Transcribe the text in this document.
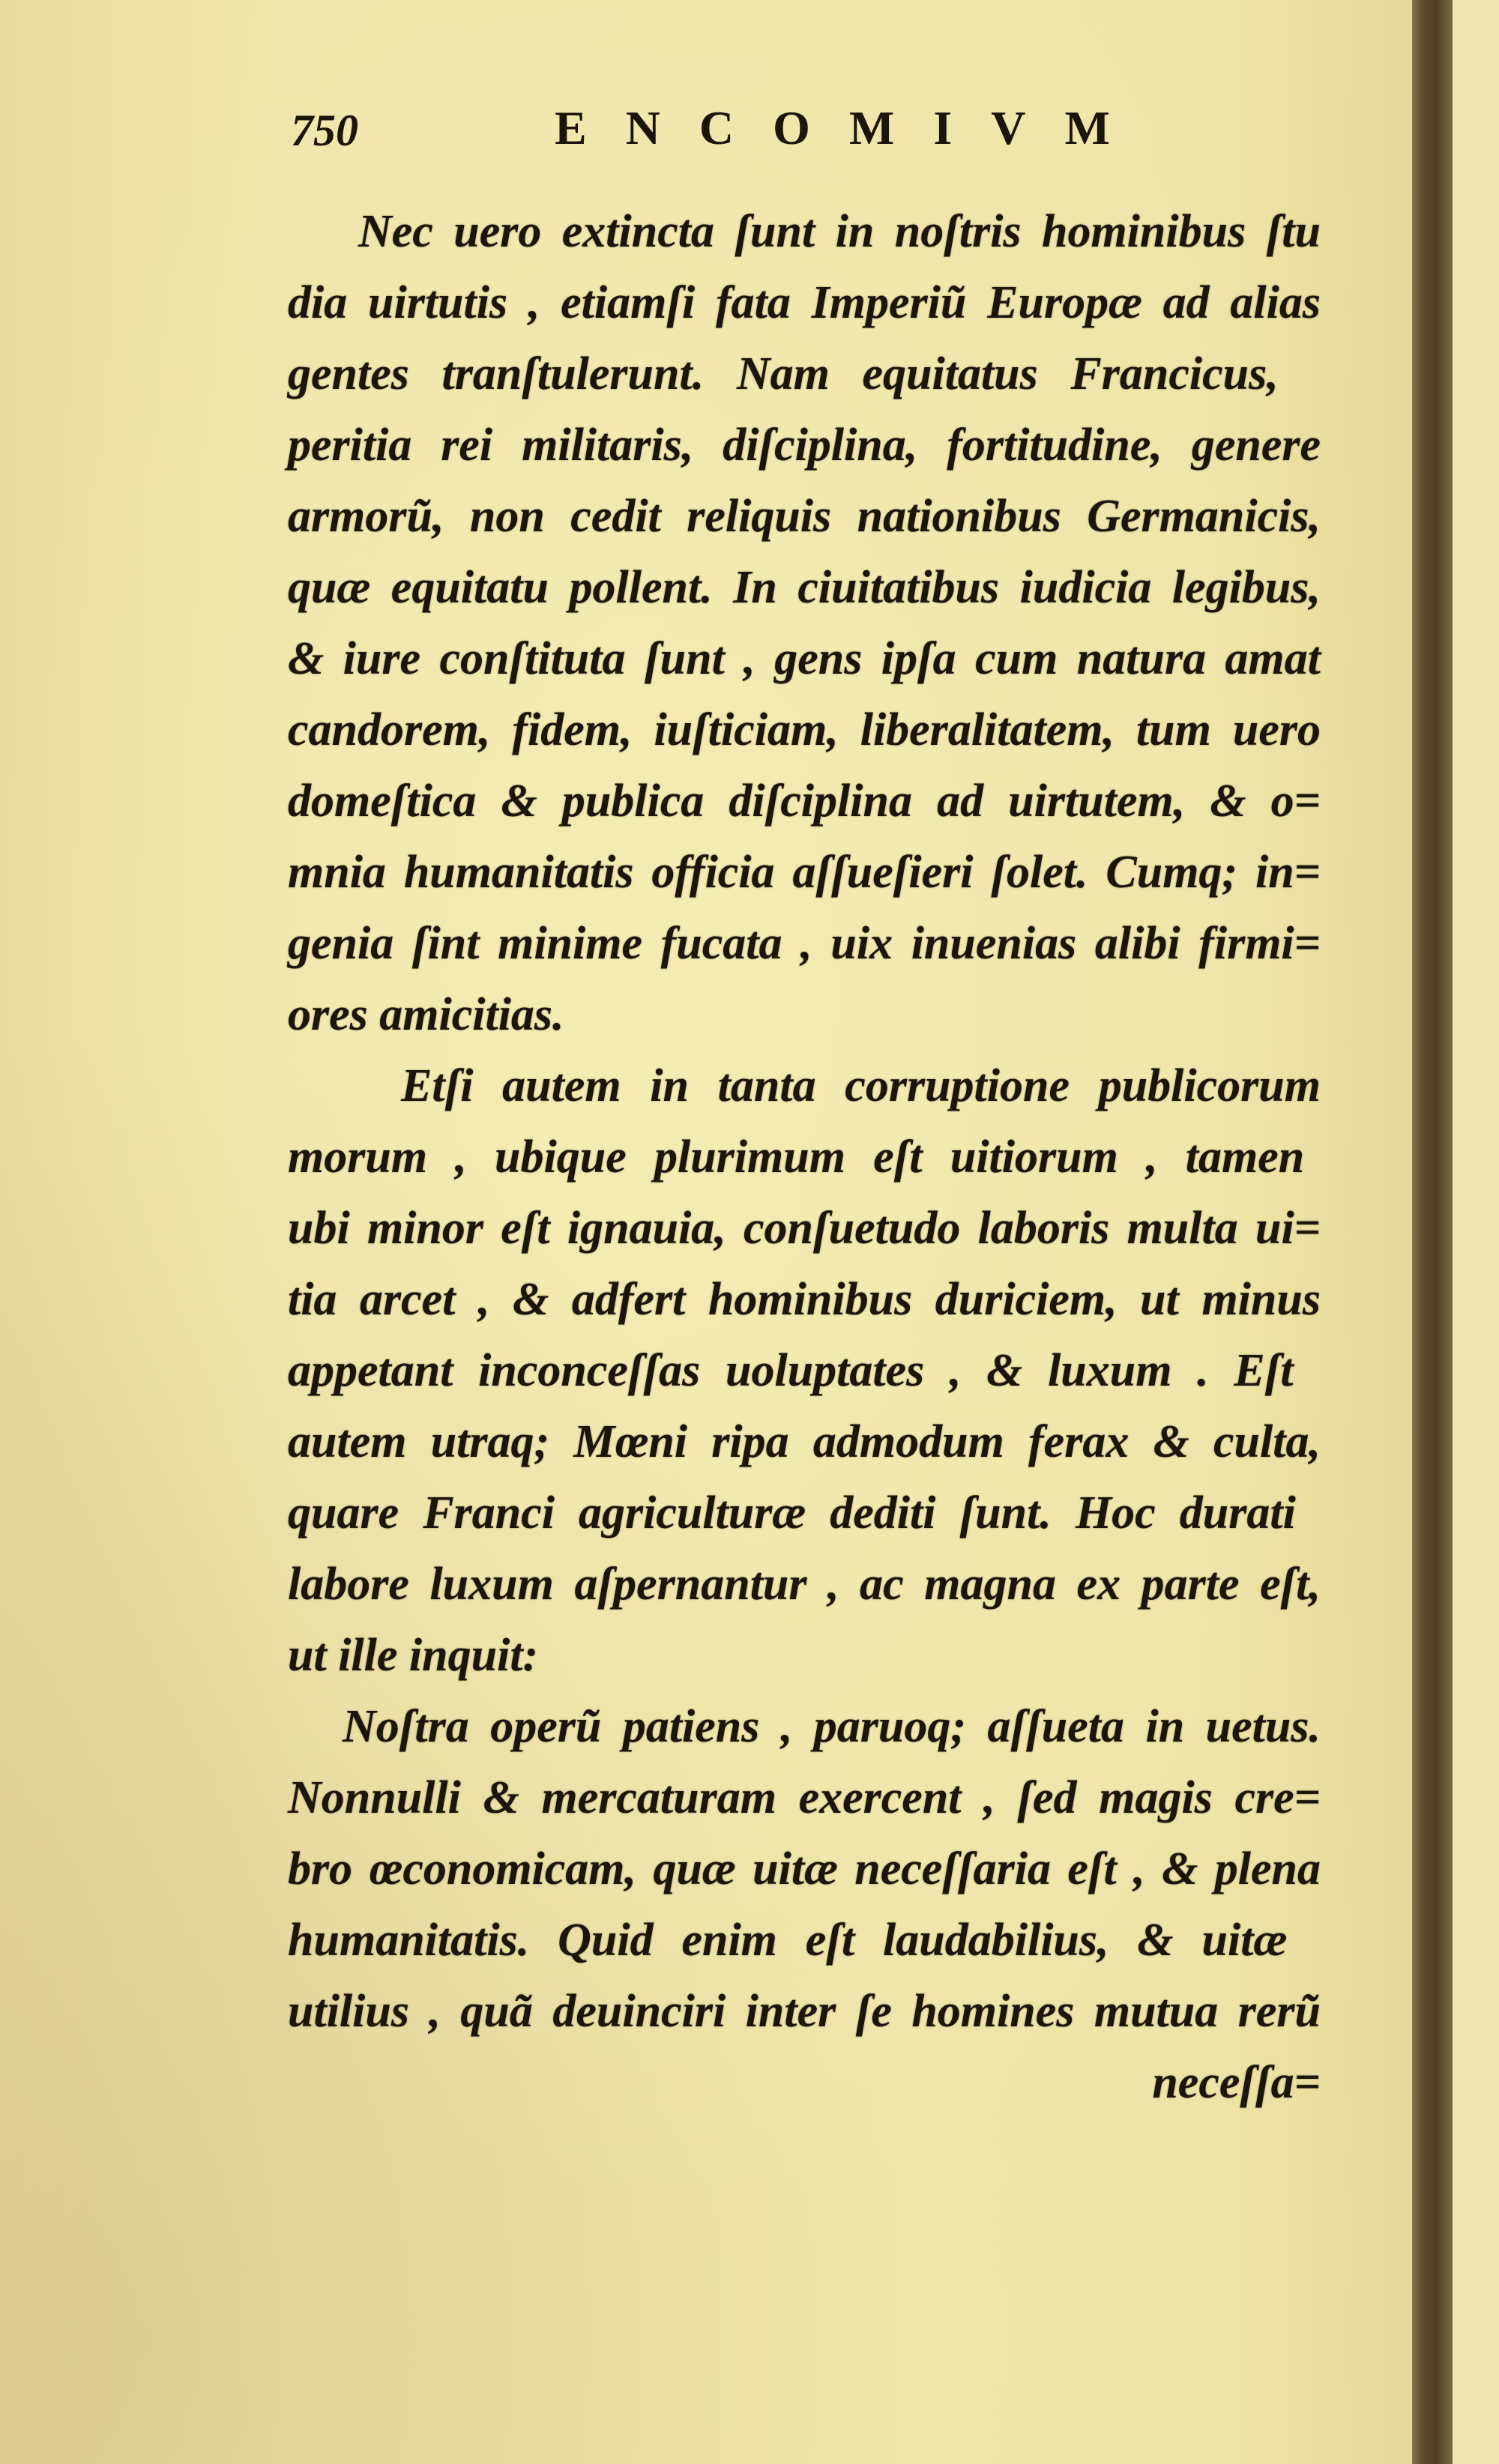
750	ENCOMIVM
Nec uero extincta ſunt in noſtris hominibus ſtu
dia uirtutis , etiamſi fata Imperiũ Europæ ad alias
gentes tranſtulerunt. Nam equitatus Francicus,
peritia rei militaris, diſciplina, fortitudine, genere
armorũ, non cedit reliquis nationibus Germanicis,
quæ equitatu pollent. In ciuitatibus iudicia legibus,
& iure conſtituta ſunt , gens ipſa cum natura amat
candorem, fidem, iuſticiam, liberalitatem, tum uero
domeſtica & publica diſciplina ad uirtutem, & o=
mnia humanitatis officia aſſueſieri ſolet. Cumq; in=
genia ſint minime fucata , uix inuenias alibi firmi=
ores amicitias.
Etſi autem in tanta corruptione publicorum
morum , ubique plurimum eſt uitiorum , tamen
ubi minor eſt ignauia, conſuetudo laboris multa ui=
tia arcet , & adfert hominibus duriciem, ut minus
appetant inconceſſas uoluptates , & luxum . Eſt
autem utraq; Mœni ripa admodum ferax & culta,
quare Franci agriculturæ dediti ſunt. Hoc durati
labore luxum aſpernantur , ac magna ex parte eſt,
ut ille inquit:
Noſtra operũ patiens , paruoq; aſſueta in uetus.
Nonnulli & mercaturam exercent , ſed magis cre=
bro œconomicam, quæ uitæ neceſſaria eſt , & plena
humanitatis. Quid enim eſt laudabilius, & uitæ
utilius , quã deuinciri inter ſe homines mutua rerũ
neceſſa=
